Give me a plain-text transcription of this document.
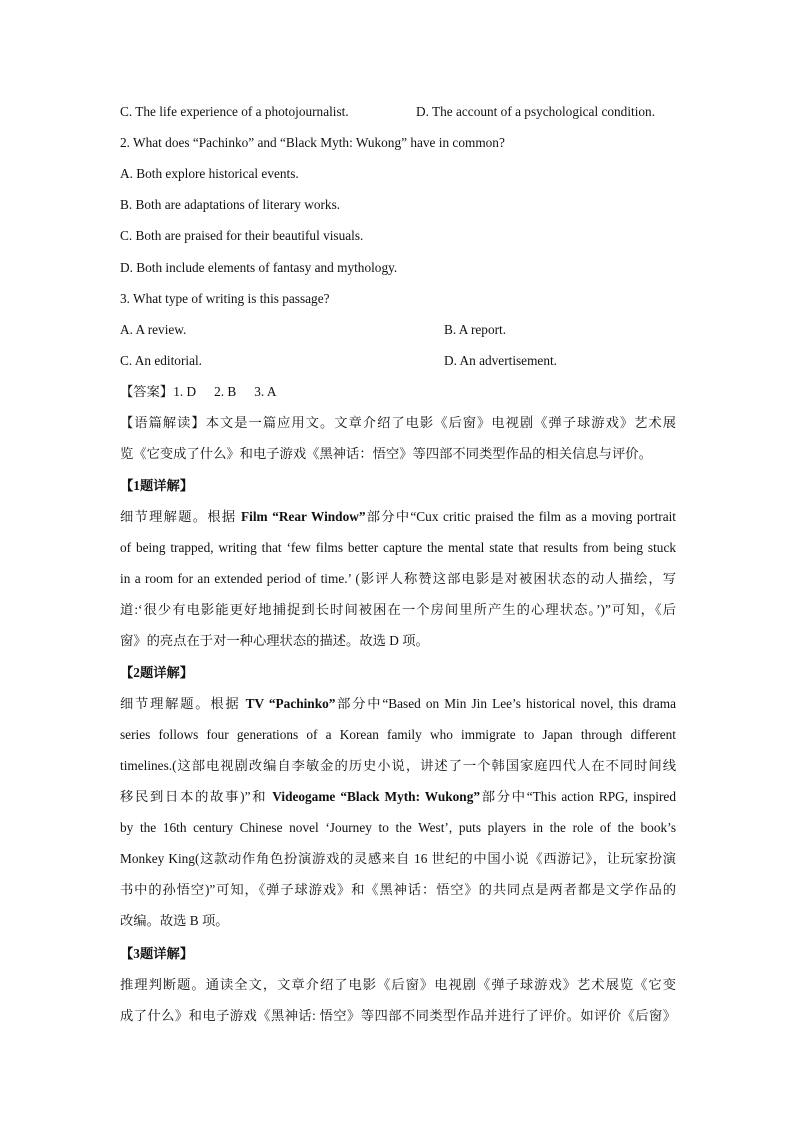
C. The life experience of a photojournalist.	D. The account of a psychological condition.
2. What does “Pachinko” and “Black Myth: Wukong” have in common?
A. Both explore historical events.
B. Both are adaptations of literary works.
C. Both are praised for their beautiful visuals.
D. Both include elements of fantasy and mythology.
3. What type of writing is this passage?
A. A review.	B. A report.
C. An editorial.	D. An advertisement.
【答案】1. D 2. B 3. A
【语篇解读】本文是一篇应用文。文章介绍了电影《后窗》电视剧《弹子球游戏》艺术展
览《它变成了什么》和电子游戏《黑神话：悟空》等四部不同类型作品的相关信息与评价。
【1题详解】
细节理解题。根据 Film “Rear Window”部分中“Cux critic praised the film as a moving portrait
of being trapped, writing that ‘few films better capture the mental state that results from being stuck
in a room for an extended period of time.’ (影评人称赞这部电影是对被困状态的动人描绘，写
道:‘很少有电影能更好地捕捉到长时间被困在一个房间里所产生的心理状态。’)”可知，《后
窗》的亮点在于对一种心理状态的描述。故选 D 项。
【2题详解】
细节理解题。根据 TV “Pachinko”部分中“Based on Min Jin Lee’s historical novel, this drama
series follows four generations of a Korean family who immigrate to Japan through different
timelines.(这部电视剧改编自李敏金的历史小说，讲述了一个韩国家庭四代人在不同时间线
移民到日本的故事)”和 Videogame “Black Myth: Wukong”部分中“This action RPG, inspired
by the 16th century Chinese novel ‘Journey to the West’, puts players in the role of the book’s
Monkey King(这款动作角色扮演游戏的灵感来自 16 世纪的中国小说《西游记》，让玩家扮演
书中的孙悟空)”可知，《弹子球游戏》和《黑神话：悟空》的共同点是两者都是文学作品的
改编。故选 B 项。
【3题详解】
推理判断题。通读全文，文章介绍了电影《后窗》电视剧《弹子球游戏》艺术展览《它变
成了什么》和电子游戏《黑神话: 悟空》等四部不同类型作品并进行了评价。如评价《后窗》
